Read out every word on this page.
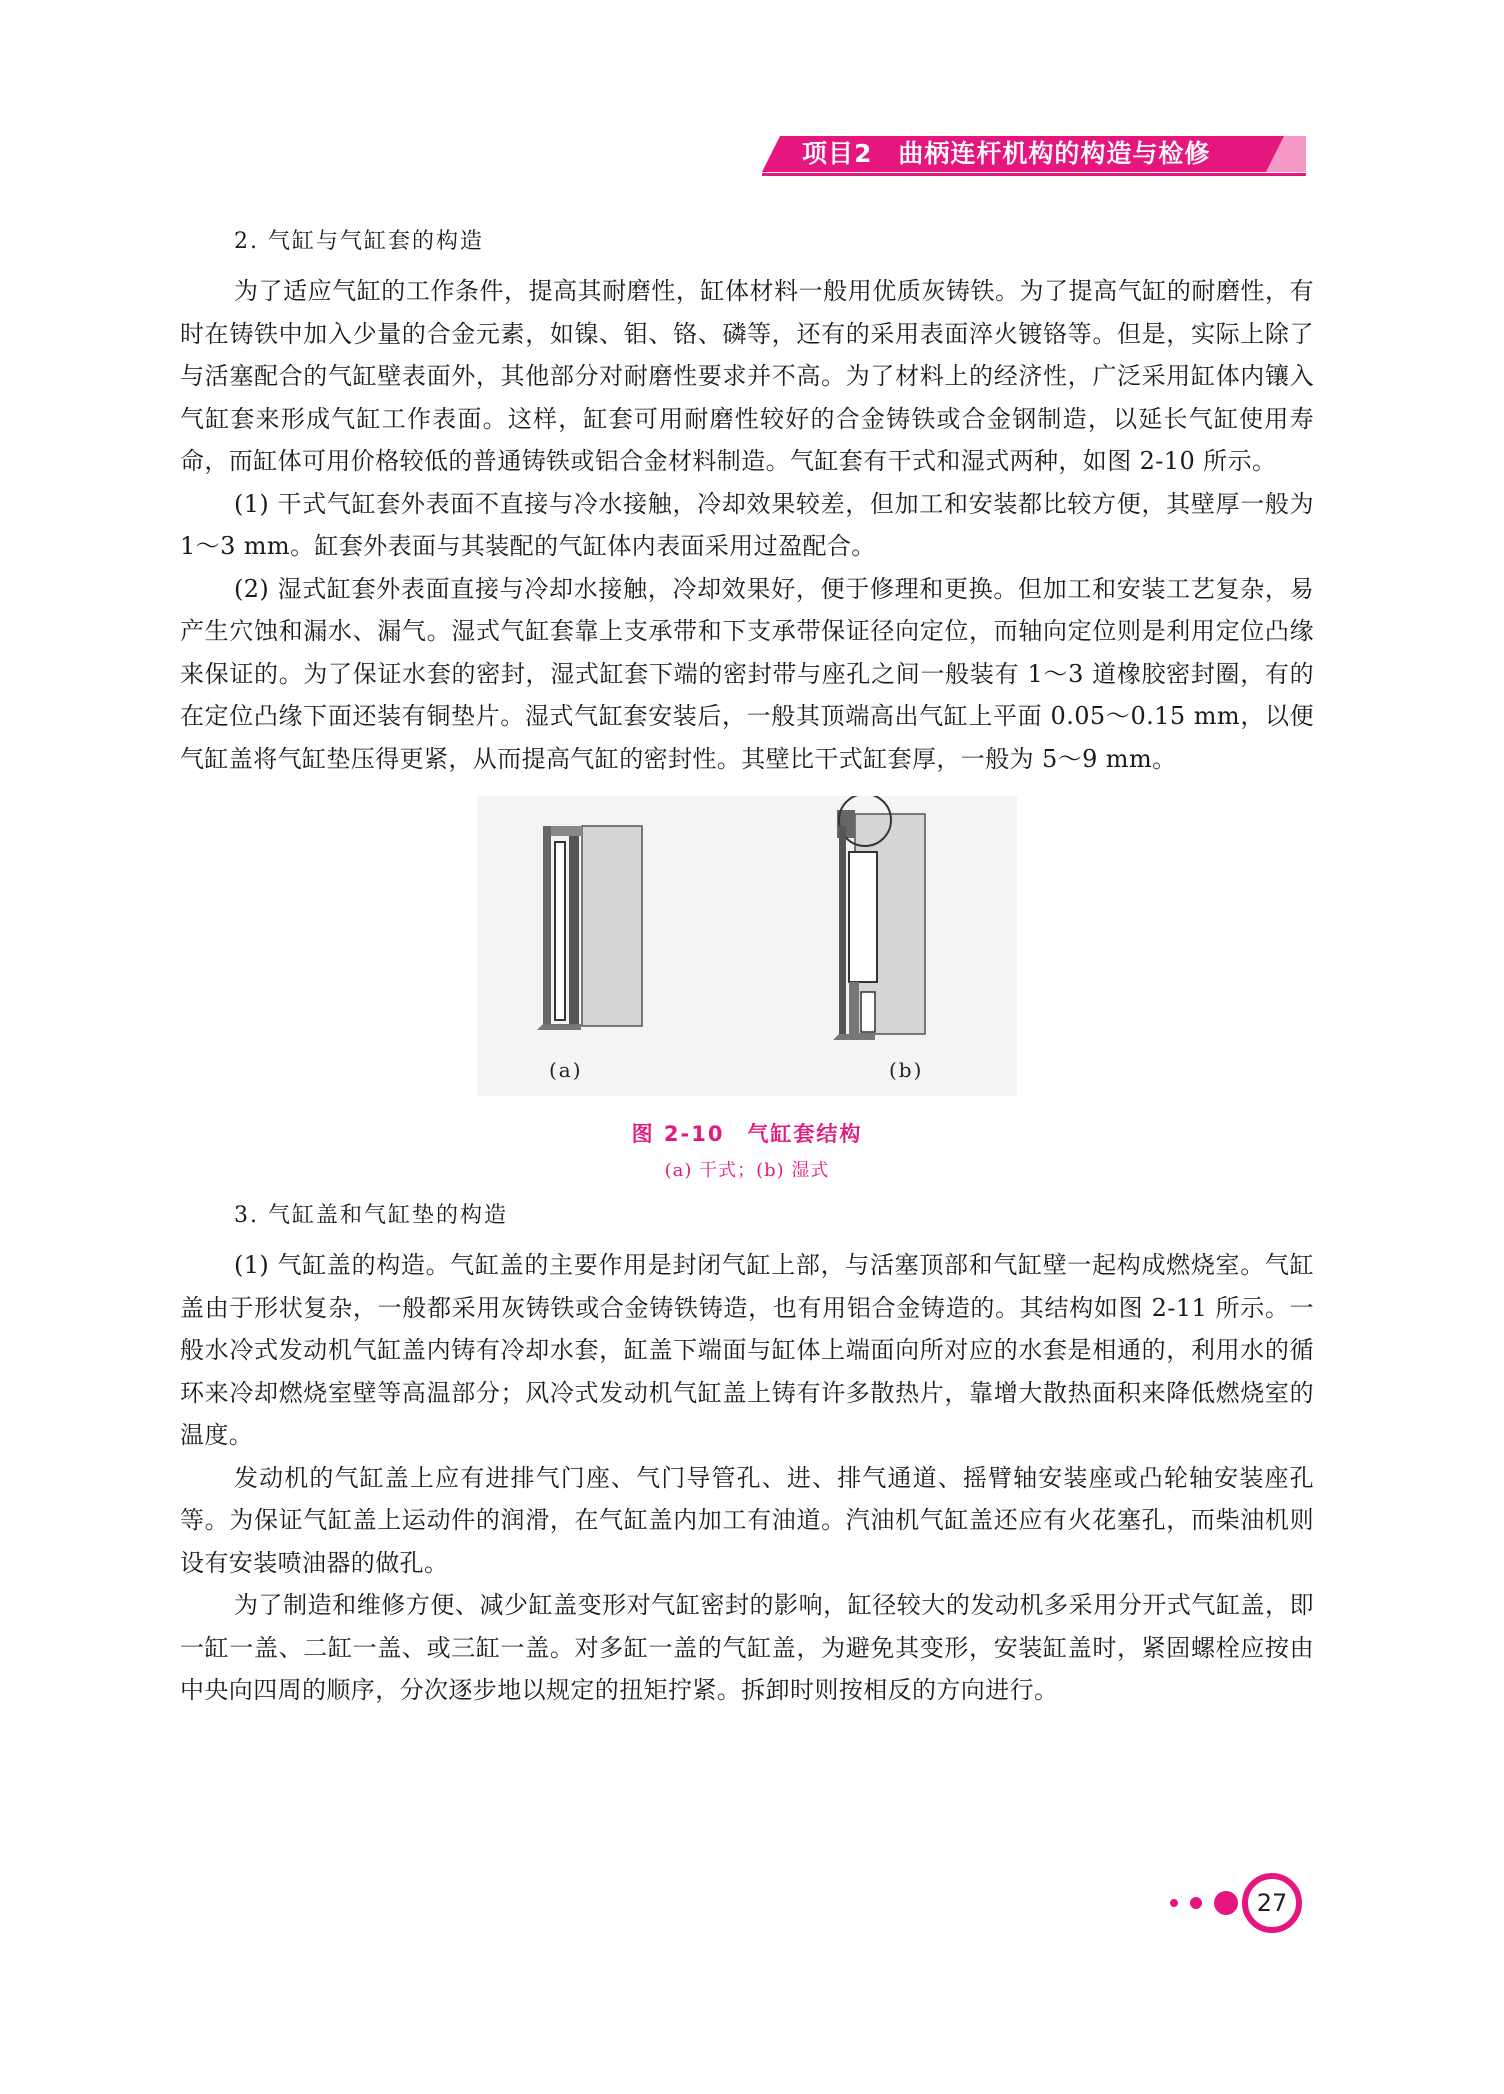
项目2　曲柄连杆机构的构造与检修
2. 气缸与气缸套的构造

为了适应气缸的工作条件，提高其耐磨性，缸体材料一般用优质灰铸铁。为了提高气缸的耐磨性，有时在铸铁中加入少量的合金元素，如镍、钼、铬、磷等，还有的采用表面淬火镀铬等。但是，实际上除了与活塞配合的气缸壁表面外，其他部分对耐磨性要求并不高。为了材料上的经济性，广泛采用缸体内镶入气缸套来形成气缸工作表面。这样，缸套可用耐磨性较好的合金铸铁或合金钢制造，以延长气缸使用寿命，而缸体可用价格较低的普通铸铁或铝合金材料制造。气缸套有干式和湿式两种，如图 2-10 所示。

(1) 干式气缸套外表面不直接与冷水接触，冷却效果较差，但加工和安装都比较方便，其壁厚一般为 1～3 mm。缸套外表面与其装配的气缸体内表面采用过盈配合。

(2) 湿式缸套外表面直接与冷却水接触，冷却效果好，便于修理和更换。但加工和安装工艺复杂，易产生穴蚀和漏水、漏气。湿式气缸套靠上支承带和下支承带保证径向定位，而轴向定位则是利用定位凸缘来保证的。为了保证水套的密封，湿式缸套下端的密封带与座孔之间一般装有 1～3 道橡胶密封圈，有的在定位凸缘下面还装有铜垫片。湿式气缸套安装后，一般其顶端高出气缸上平面 0.05～0.15 mm，以便气缸盖将气缸垫压得更紧，从而提高气缸的密封性。其壁比干式缸套厚，一般为 5～9 mm。

(a)	(b)
图 2-10　气缸套结构
(a) 干式；(b) 湿式
3. 气缸盖和气缸垫的构造

(1) 气缸盖的构造。气缸盖的主要作用是封闭气缸上部，与活塞顶部和气缸壁一起构成燃烧室。气缸盖由于形状复杂，一般都采用灰铸铁或合金铸铁铸造，也有用铝合金铸造的。其结构如图 2-11 所示。一般水冷式发动机气缸盖内铸有冷却水套，缸盖下端面与缸体上端面向所对应的水套是相通的，利用水的循环来冷却燃烧室壁等高温部分；风冷式发动机气缸盖上铸有许多散热片，靠增大散热面积来降低燃烧室的温度。

发动机的气缸盖上应有进排气门座、气门导管孔、进、排气通道、摇臂轴安装座或凸轮轴安装座孔等。为保证气缸盖上运动件的润滑，在气缸盖内加工有油道。汽油机气缸盖还应有火花塞孔，而柴油机则设有安装喷油器的做孔。

为了制造和维修方便、减少缸盖变形对气缸密封的影响，缸径较大的发动机多采用分开式气缸盖，即一缸一盖、二缸一盖、或三缸一盖。对多缸一盖的气缸盖，为避免其变形，安装缸盖时，紧固螺栓应按由中央向四周的顺序，分次逐步地以规定的扭矩拧紧。拆卸时则按相反的方向进行。

27
